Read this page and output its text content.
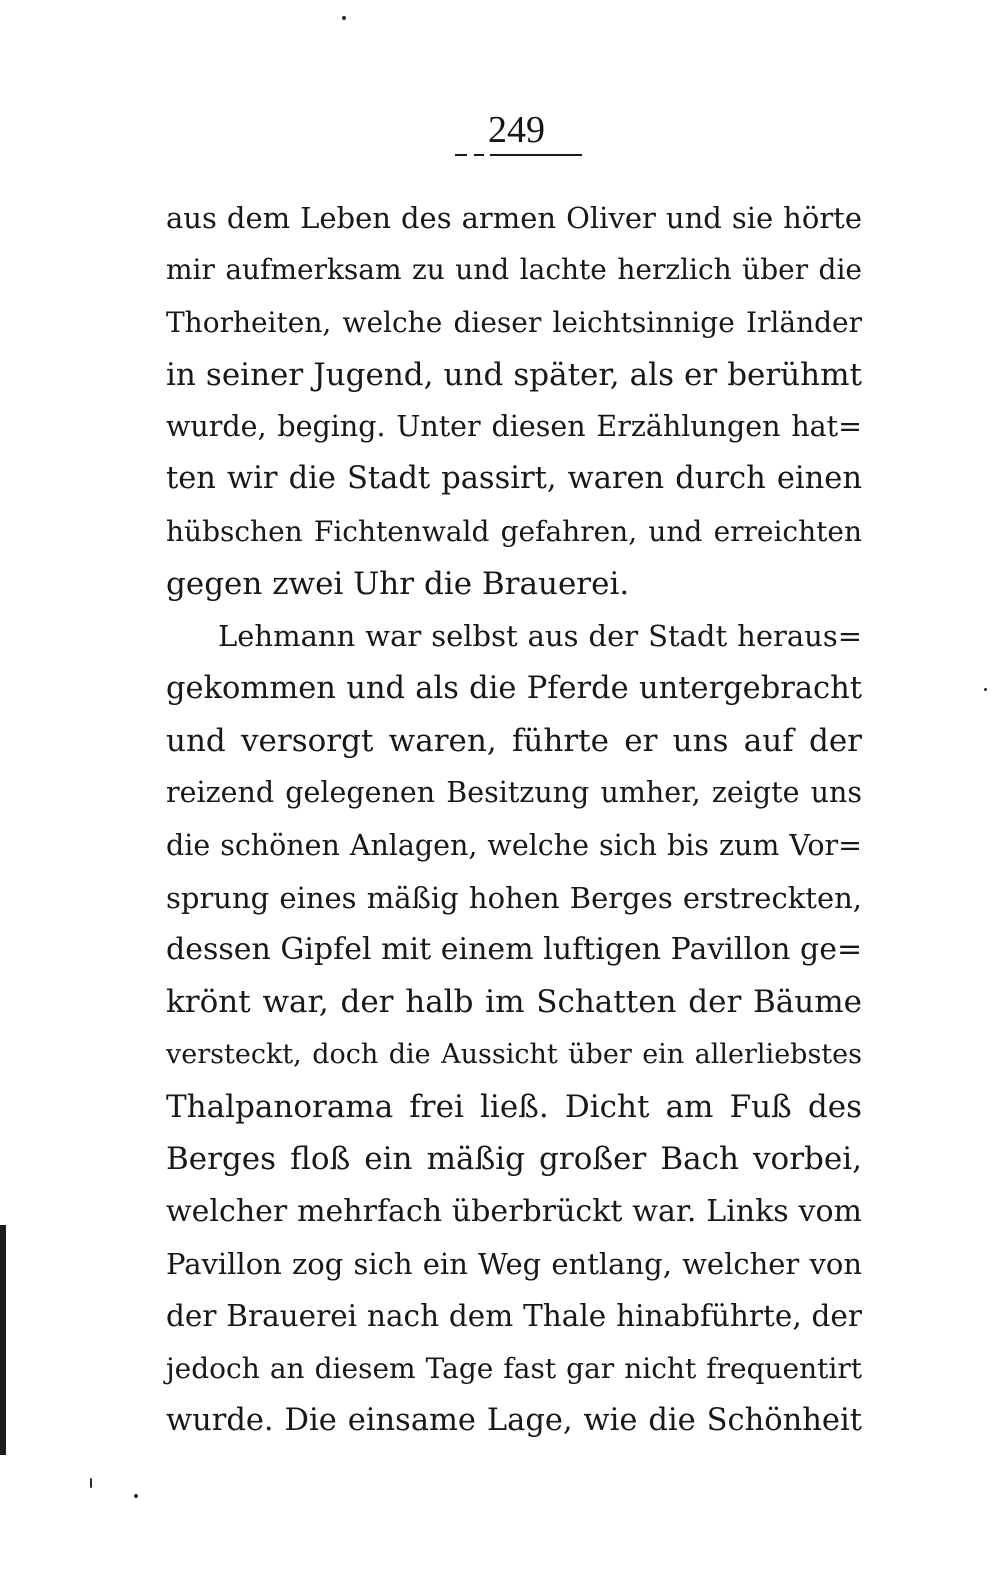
249
aus dem Leben des armen Oliver und sie hörte
mir aufmerksam zu und lachte herzlich über die
Thorheiten, welche dieser leichtsinnige Irländer
in seiner Jugend, und später, als er berühmt
wurde, beging. Unter diesen Erzählungen hat=
ten wir die Stadt passirt, waren durch einen
hübschen Fichtenwald gefahren, und erreichten
gegen zwei Uhr die Brauerei.
Lehmann war selbst aus der Stadt heraus=
gekommen und als die Pferde untergebracht
und versorgt waren, führte er uns auf der
reizend gelegenen Besitzung umher, zeigte uns
die schönen Anlagen, welche sich bis zum Vor=
sprung eines mäßig hohen Berges erstreckten,
dessen Gipfel mit einem luftigen Pavillon ge=
krönt war, der halb im Schatten der Bäume
versteckt, doch die Aussicht über ein allerliebstes
Thalpanorama frei ließ. Dicht am Fuß des
Berges floß ein mäßig großer Bach vorbei,
welcher mehrfach überbrückt war. Links vom
Pavillon zog sich ein Weg entlang, welcher von
der Brauerei nach dem Thale hinabführte, der
jedoch an diesem Tage fast gar nicht frequentirt
wurde. Die einsame Lage, wie die Schönheit
